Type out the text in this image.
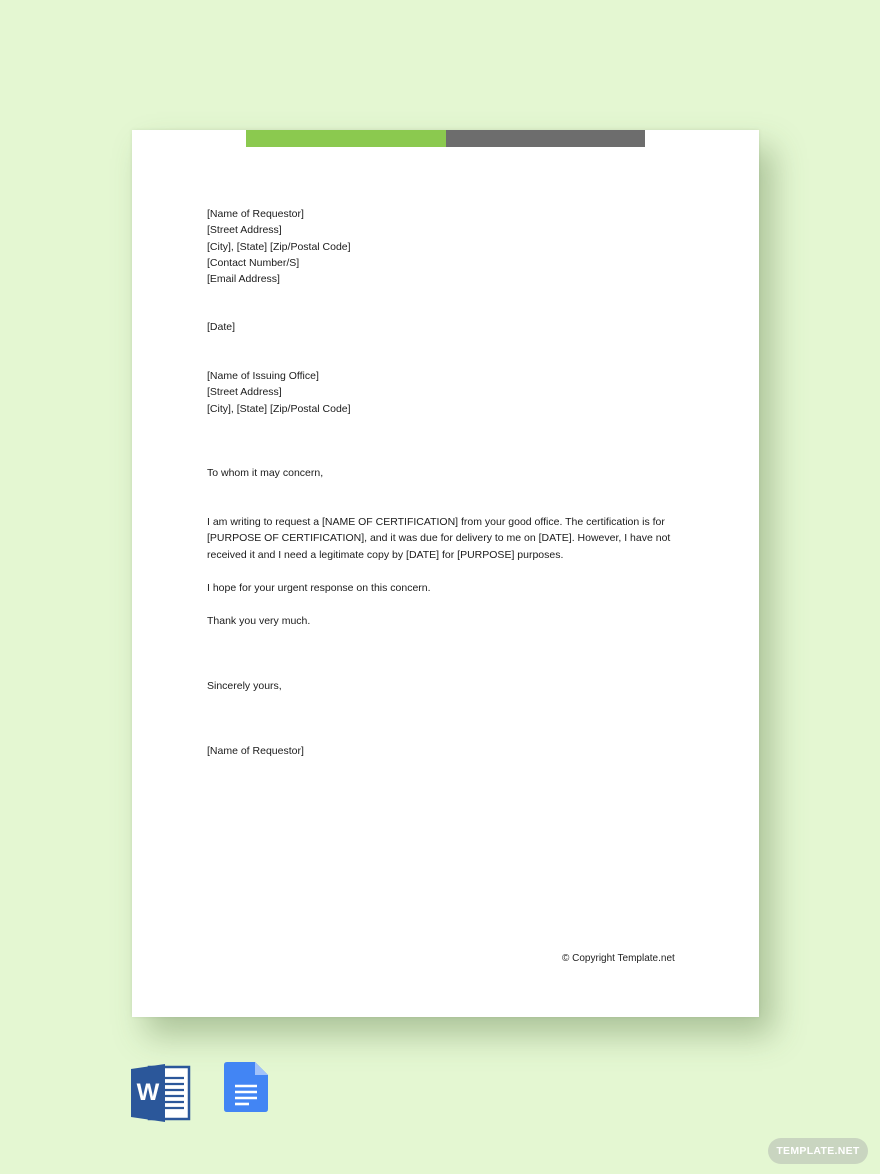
[Name of Requestor]

[Street Address]

[City], [State] [Zip/Postal Code]

[Contact Number/S]

[Email Address]

[Date]

[Name of Issuing Office]

[Street Address]

[City], [State] [Zip/Postal Code]

To whom it may concern,

I am writing to request a [NAME OF CERTIFICATION] from your good office. The certification is for

[PURPOSE OF CERTIFICATION], and it was due for delivery to me on [DATE]. However, I have not

received it and I need a legitimate copy by [DATE] for [PURPOSE] purposes.

I hope for your urgent response on this concern.

Thank you very much.

Sincerely yours,

[Name of Requestor]

© Copyright Template.net
W
TEMPLATE.NET
